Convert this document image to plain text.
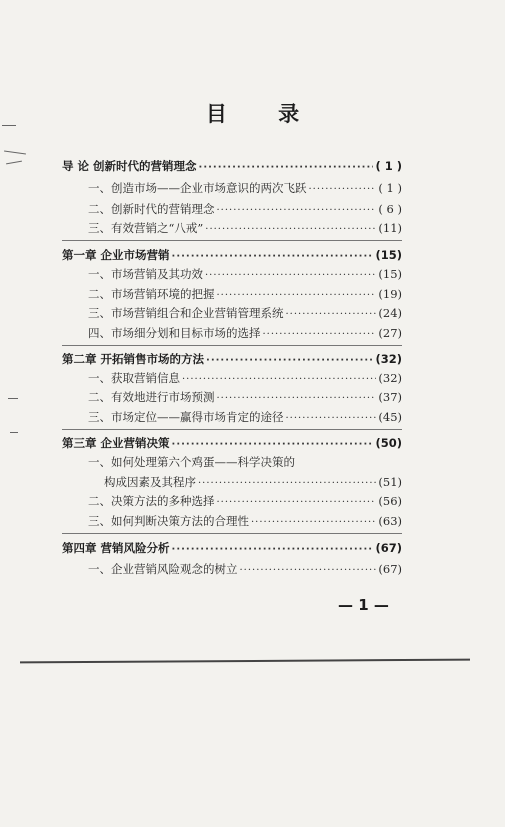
目 录
导 论 创新时代的营销理念 ·····	( 1 )
一、创造市场——企业市场意识的两次飞跃 ·····	( 1 )
二、创新时代的营销理念 ·····	( 6 )
三、有效营销之“八戒” ·····	(11)
第一章 企业市场营销 ·····	(15)
一、市场营销及其功效 ·····	(15)
二、市场营销环境的把握 ·····	(19)
三、市场营销组合和企业营销管理系统 ·····	(24)
四、市场细分划和目标市场的选择 ·····	(27)
第二章 开拓销售市场的方法 ·····	(32)
一、获取营销信息 ·····	(32)
二、有效地进行市场预测 ·····	(37)
三、市场定位——赢得市场肯定的途径 ·····	(45)
第三章 企业营销决策 ·····	(50)
一、如何处理第六个鸡蛋——科学决策的
构成因素及其程序 ·····	(51)
二、决策方法的多种选择 ·····	(56)
三、如何判断决策方法的合理性 ·····	(63)
第四章 营销风险分析 ·····	(67)
一、企业营销风险观念的树立 ·····	(67)
— 1 —
